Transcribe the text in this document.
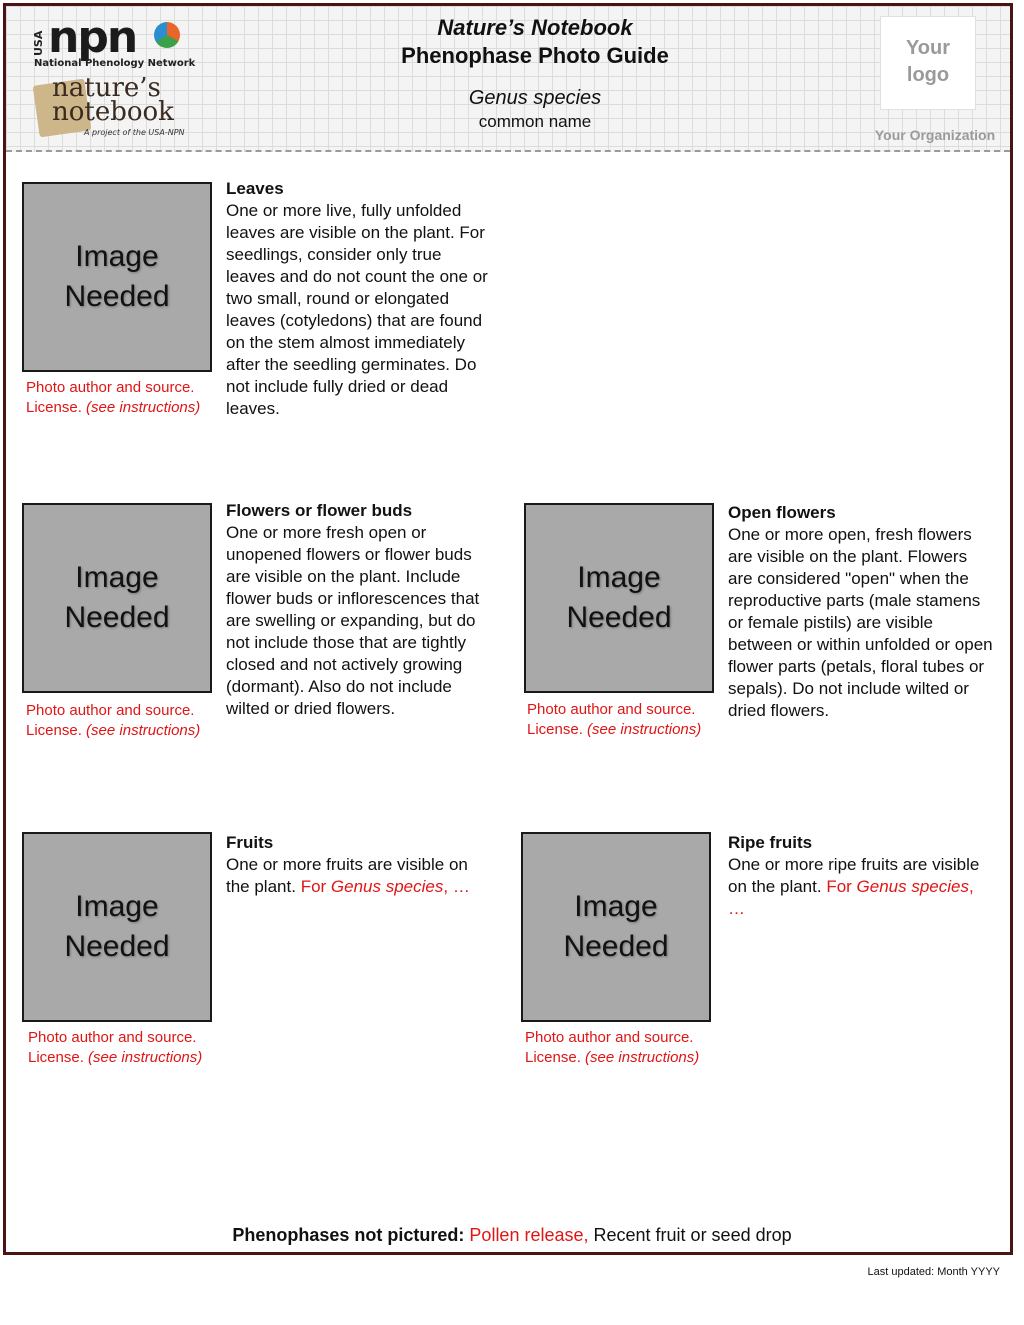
USA npn
National Phenology Network
nature’s
notebook
A project of the USA-NPN
Nature’s Notebook
Phenophase Photo Guide
Genus species
common name
Your
logo
Your Organization
Image
Needed
Photo author and source.
License. (see instructions)
Leaves
One or more live, fully unfolded leaves are visible on the plant. For seedlings, consider only true leaves and do not count the one or two small, round or elongated leaves (cotyledons) that are found on the stem almost immediately after the seedling germinates. Do not include fully dried or dead leaves.
Image
Needed
Photo author and source.
License. (see instructions)
Flowers or flower buds
One or more fresh open or unopened flowers or flower buds are visible on the plant. Include flower buds or inflorescences that are swelling or expanding, but do not include those that are tightly closed and not actively growing (dormant). Also do not include wilted or dried flowers.
Image
Needed
Photo author and source.
License. (see instructions)
Open flowers
One or more open, fresh flowers are visible on the plant. Flowers are considered "open" when the reproductive parts (male stamens or female pistils) are visible between or within unfolded or open flower parts (petals, floral tubes or sepals). Do not include wilted or dried flowers.
Image
Needed
Photo author and source.
License. (see instructions)
Fruits
One or more fruits are visible on the plant. For Genus species, …
Image
Needed
Photo author and source.
License. (see instructions)
Ripe fruits
One or more ripe fruits are visible on the plant. For Genus species, …
Phenophases not pictured: Pollen release, Recent fruit or seed drop
Last updated: Month YYYY
